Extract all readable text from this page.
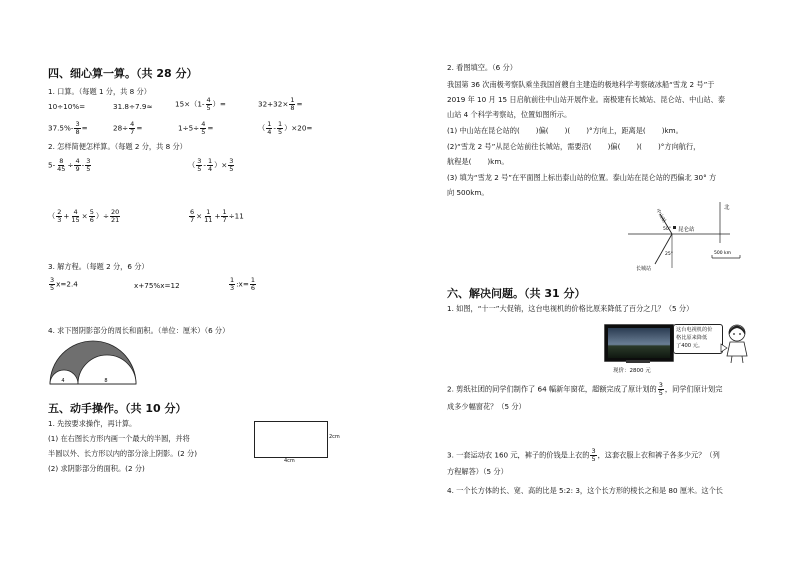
四、细心算一算。（共 28 分）
1. 口算。（每题 1 分，共 8 分）
10÷10%=	31.8÷7.9≈	$15\times(1- \frac{4}{5}$ ）=	$32+32\times \frac{1}{8}$ =
$37.5\%- \frac{3}{8}$ =	$28\div \frac{4}{7}$ =	$1\div 5\div \frac{4}{5}$ =	（ $\frac{1}{4} - \frac{1}{5} )\times 20=$
2. 怎样简便怎样算。（每题 2 分，共 8 分）
$5- \frac{8}{45} \div \frac{4}{9} - \frac{3}{5}$	（ $\frac{3}{5} - \frac{1}{4}$ ）× $\frac{3}{5}$
（ $\frac{2}{3} + \frac{4}{15} \times \frac{5}{6}$ ）÷ $\frac{20}{21}$	$\frac{6}{7} \times \frac{1}{11} + \frac{1}{7} \div 11$
3. 解方程。（每题 2 分，6 分）
$\frac{3}{5} x=2.4$	x+75%x=12	$\frac{1}{3}$ :x= $\frac{1}{6}$
4. 求下图阴影部分的周长和面积。（单位：厘米）（6 分）
4	8
五、动手操作。（共 10 分）
1. 先按要求操作，再计算。
(1) 在右图长方形内画一个最大的半圆，并将
半圆以外、长方形以内的部分涂上阴影。(2 分)
(2) 求阴影部分的面积。(2 分)
4cm
2cm
2. 看图填空。（6 分）
我国第 36 次南极考察队乘坐我国首艘自主建造的极地科学考察破冰船“雪龙 2 号”于
2019 年 10 月 15 日启航前往中山站开展作业。南极建有长城站、昆仑站、中山站、泰
山站 4 个科学考察站，位置如图所示。
(1) 中山站在昆仑站的( )偏( )( )°方向上，距离是( )km。
(2)“雪龙 2 号”从昆仑站前往长城站，需要沿( )偏( )( )°方向航行，
航程是( )km。
(3) 填为“雪龙 2 号”在平面图上标出泰山站的位置。泰山站在昆仑站的西偏北 30° 方
向 500km。
中山站
昆仑站
北
50°
25°
长城站
500 km
六、解决问题。（共 31 分）
1. 如图，“十一”大促销，这台电视机的价格比原来降低了百分之几？（5 分）
现价：2800 元
这台电视机的价
格比原来降低
了400 元。
2. 剪纸社团的同学们制作了 64 幅新年窗花，超额完成了原计划的 $\frac{3}{5}$ ，同学们原计划完
成多少幅窗花？（5 分）
3. 一套运动衣 160 元，裤子的价钱是上衣的 $\frac{3}{5}$ ，这套衣服上衣和裤子各多少元？（列
方程解答）（5 分）
4. 一个长方体的长、宽、高的比是 5:2: 3，这个长方形的棱长之和是 80 厘米。这个长
